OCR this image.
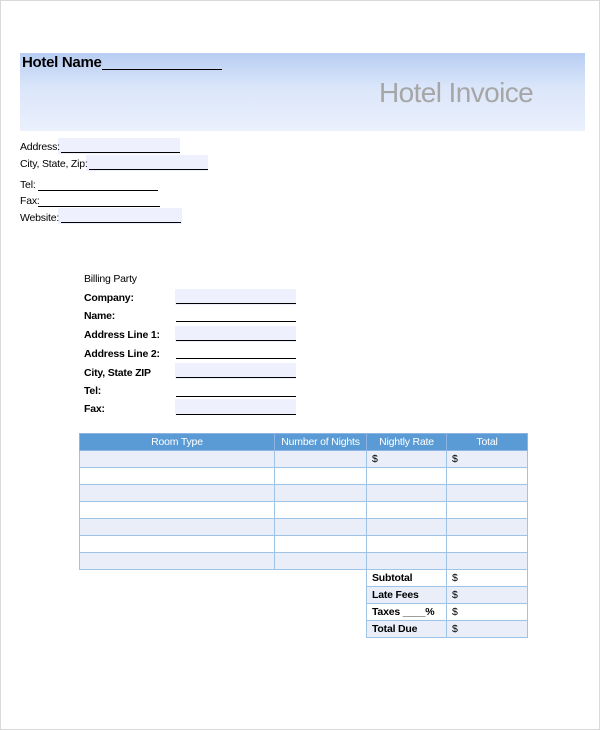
Hotel Name
Hotel Invoice
Address:
City, State, Zip:
Tel:
Fax:
Website:
Billing Party
Company:
Name:
Address Line 1:
Address Line 2:
City, State ZIP
Tel:
Fax:
Room Type	Number of Nights	Nightly Rate	Total
		$	$

Subtotal	$
Late Fees	$
Taxes ____%	$
Total Due	$
